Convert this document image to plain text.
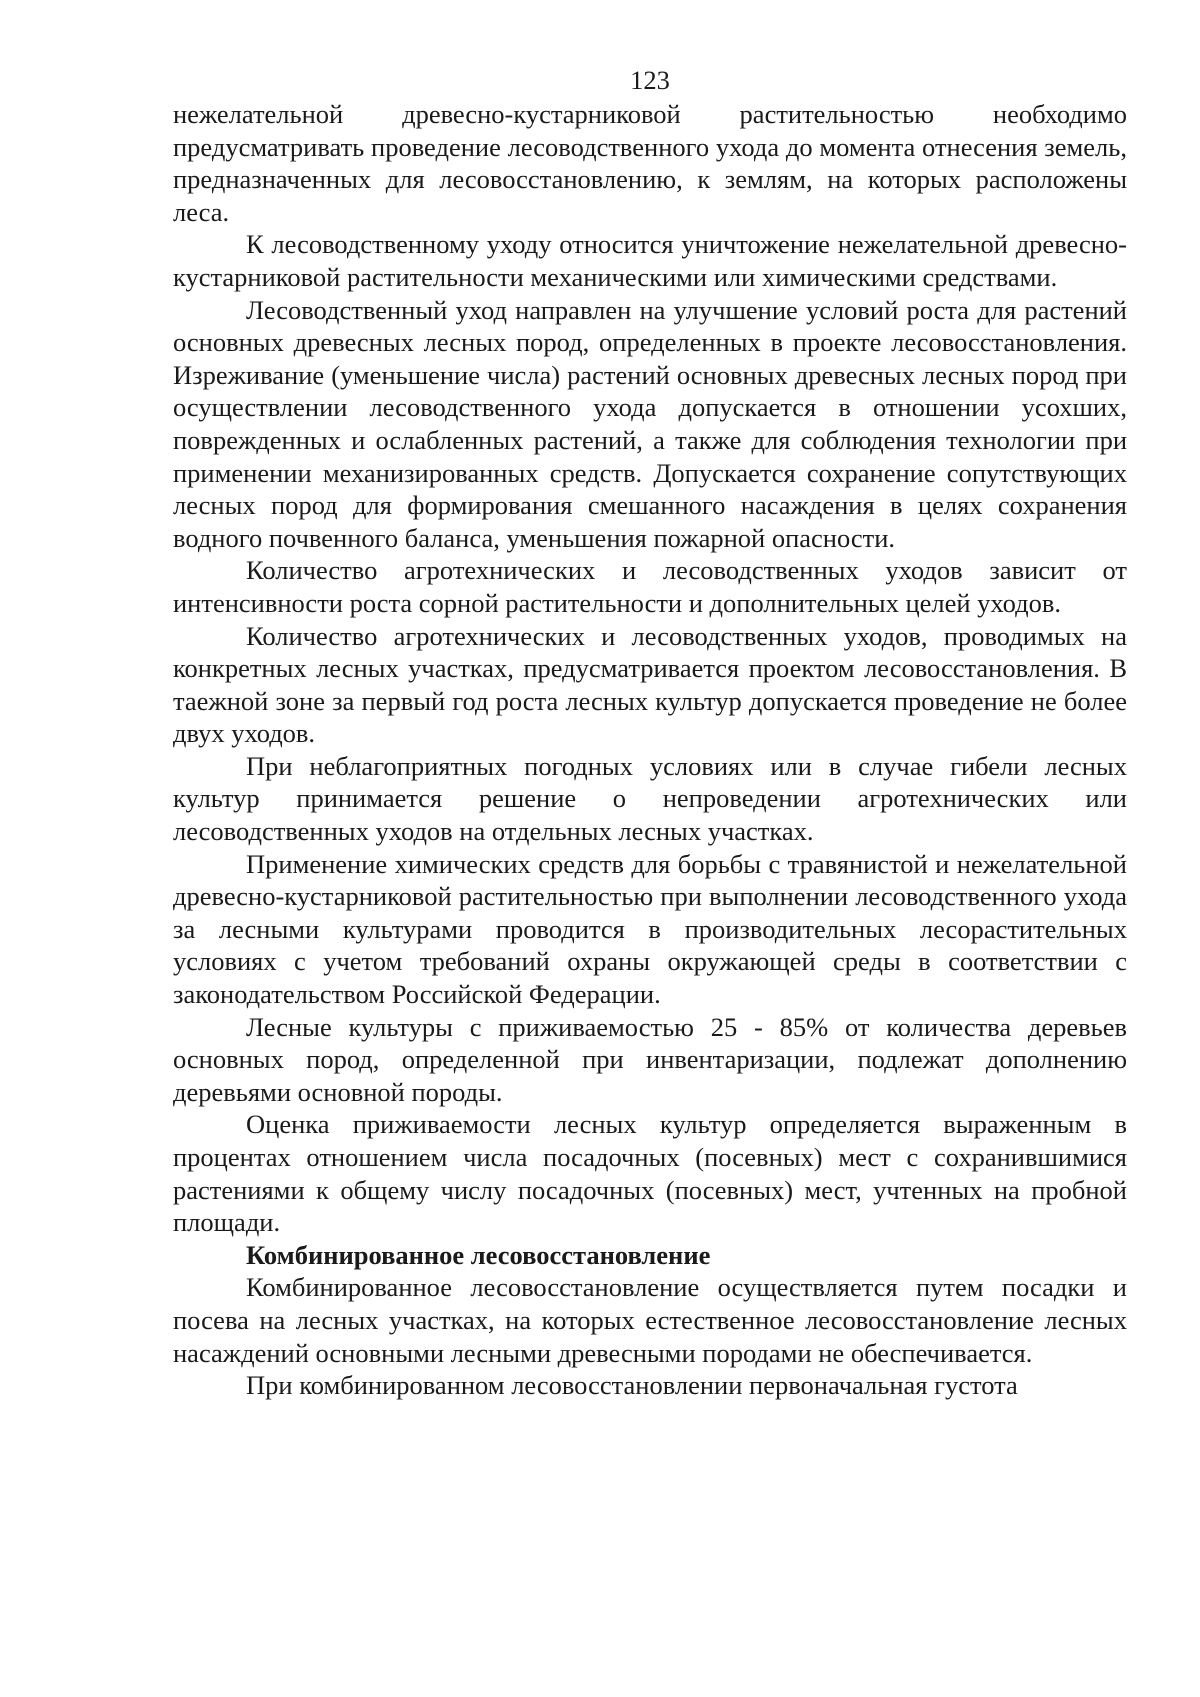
123

нежелательной древесно-кустарниковой растительностью необходимо предусматривать проведение лесоводственного ухода до момента отнесения земель, предназначенных для лесовосстановлению, к землям, на которых расположены леса.

К лесоводственному уходу относится уничтожение нежелательной древесно-кустарниковой растительности механическими или химическими средствами.

Лесоводственный уход направлен на улучшение условий роста для растений основных древесных лесных пород, определенных в проекте лесовосстановления. Изреживание (уменьшение числа) растений основных древесных лесных пород при осуществлении лесоводственного ухода допускается в отношении усохших, поврежденных и ослабленных растений, а также для соблюдения технологии при применении механизированных средств. Допускается сохранение сопутствующих лесных пород для формирования смешанного насаждения в целях сохранения водного почвенного баланса, уменьшения пожарной опасности.

Количество агротехнических и лесоводственных уходов зависит от интенсивности роста сорной растительности и дополнительных целей уходов.

Количество агротехнических и лесоводственных уходов, проводимых на конкретных лесных участках, предусматривается проектом лесовосстановления. В таежной зоне за первый год роста лесных культур допускается проведение не более двух уходов.

При неблагоприятных погодных условиях или в случае гибели лесных культур принимается решение о непроведении агротехнических или лесоводственных уходов на отдельных лесных участках.

Применение химических средств для борьбы с травянистой и нежелательной древесно-кустарниковой растительностью при выполнении лесоводственного ухода за лесными культурами проводится в производительных лесорастительных условиях с учетом требований охраны окружающей среды в соответствии с законодательством Российской Федерации.

Лесные культуры с приживаемостью 25 - 85% от количества деревьев основных пород, определенной при инвентаризации, подлежат дополнению деревьями основной породы.

Оценка приживаемости лесных культур определяется выраженным в процентах отношением числа посадочных (посевных) мест с сохранившимися растениями к общему числу посадочных (посевных) мест, учтенных на пробной площади.

Комбинированное лесовосстановление

Комбинированное лесовосстановление осуществляется путем посадки и посева на лесных участках, на которых естественное лесовосстановление лесных насаждений основными лесными древесными породами не обеспечивается.

При комбинированном лесовосстановлении первоначальная густота
